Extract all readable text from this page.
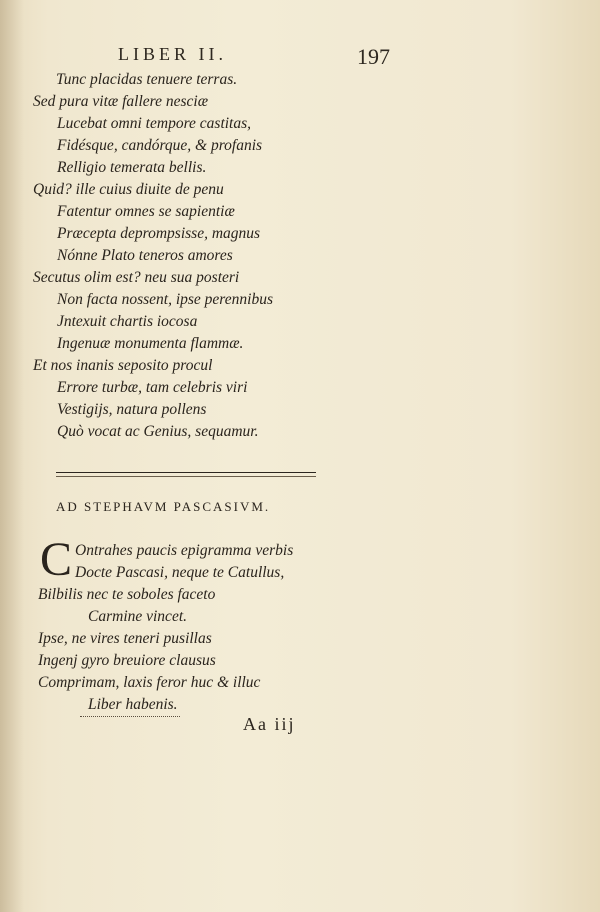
LIBER II.	197
Tunc placidas tenuere terras.
Sed pura vitæ fallere nesciæ
Lucebat omni tempore castitas,
Fidésque, candórque, & profanis
Relligio temerata bellis.
Quid? ille cuius diuite de penu
Fatentur omnes se sapientiæ
Præcepta deprompsisse, magnus
Nónne Plato teneros amores
Secutus olim est? neu sua posteri
Non facta nossent, ipse perennibus
Jntexuit chartis iocosa
Ingenuæ monumenta flammæ.
Et nos inanis seposito procul
Errore turbæ, tam celebris viri
Vestigijs, natura pollens
Quò vocat ac Genius, sequamur.
AD STEPHAVM PASCASIVM.
C Ontrahes paucis epigramma verbis
Docte Pascasi, neque te Catullus,
Bilbilis nec te soboles faceto
Carmine vincet.
Ipse, ne vires teneri pusillas
Ingenj gyro breuiore clausus
Comprimam, laxis feror huc & illuc
Liber habenis.
Aa iij
